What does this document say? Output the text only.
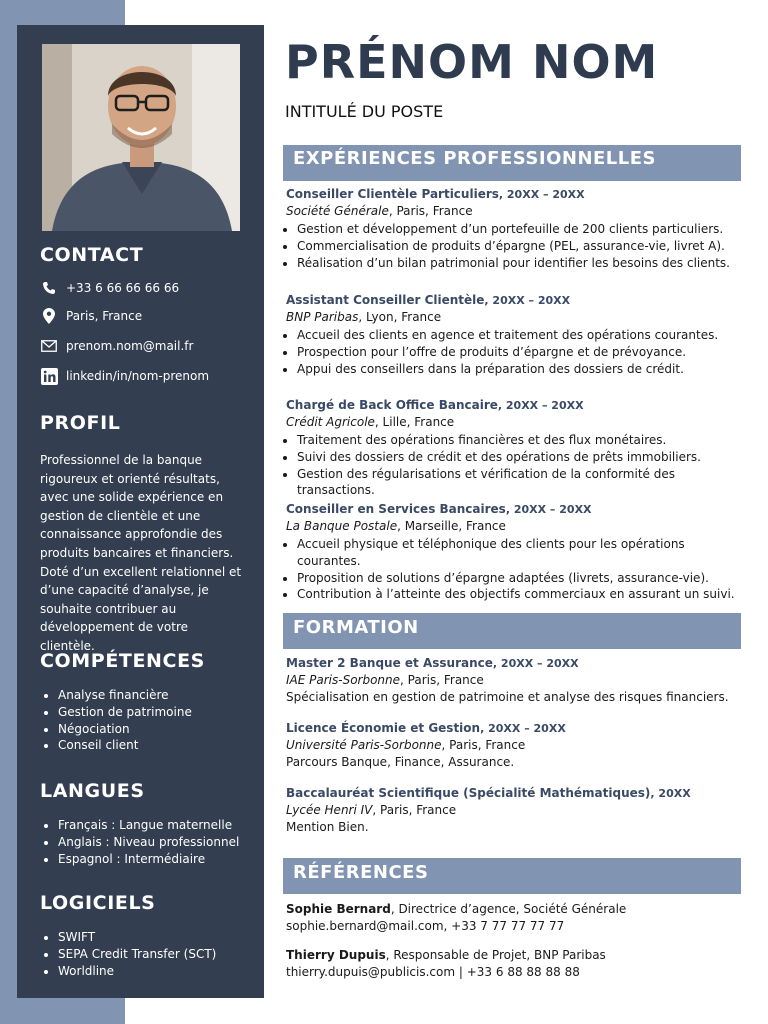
CONTACT
+33 6 66 66 66 66
Paris, France
prenom.nom@mail.fr
linkedin/in/nom-prenom
PROFIL

Professionnel de la banque rigoureux et orienté résultats, avec une solide expérience en gestion de clientèle et une connaissance approfondie des produits bancaires et financiers. Doté d’un excellent relationnel et d’une capacité d’analyse, je souhaite contribuer au développement de votre clientèle.

COMPÉTENCES
• Analyse financière
• Gestion de patrimoine
• Négociation
• Conseil client
LANGUES
• Français : Langue maternelle
• Anglais : Niveau professionnel
• Espagnol : Intermédiaire
LOGICIELS
• SWIFT
• SEPA Credit Transfer (SCT)
• Worldline
PRÉNOM NOM
INTITULÉ DU POSTE
EXPÉRIENCES PROFESSIONNELLES
Conseiller Clientèle Particuliers, 20XX – 20XX
Société Générale, Paris, France
• Gestion et développement d’un portefeuille de 200 clients particuliers.
• Commercialisation de produits d’épargne (PEL, assurance-vie, livret A).
• Réalisation d’un bilan patrimonial pour identifier les besoins des clients.
Assistant Conseiller Clientèle, 20XX – 20XX
BNP Paribas, Lyon, France
• Accueil des clients en agence et traitement des opérations courantes.
• Prospection pour l’offre de produits d’épargne et de prévoyance.
• Appui des conseillers dans la préparation des dossiers de crédit.
Chargé de Back Office Bancaire, 20XX – 20XX
Crédit Agricole, Lille, France
• Traitement des opérations financières et des flux monétaires.
• Suivi des dossiers de crédit et des opérations de prêts immobiliers.
• Gestion des régularisations et vérification de la conformité des transactions.
Conseiller en Services Bancaires, 20XX – 20XX
La Banque Postale, Marseille, France
• Accueil physique et téléphonique des clients pour les opérations courantes.
• Proposition de solutions d’épargne adaptées (livrets, assurance-vie).
• Contribution à l’atteinte des objectifs commerciaux en assurant un suivi.
FORMATION
Master 2 Banque et Assurance, 20XX – 20XX
IAE Paris-Sorbonne, Paris, France

Spécialisation en gestion de patrimoine et analyse des risques financiers.

Licence Économie et Gestion, 20XX – 20XX
Université Paris-Sorbonne, Paris, France

Parcours Banque, Finance, Assurance.

Baccalauréat Scientifique (Spécialité Mathématiques), 20XX
Lycée Henri IV, Paris, France

Mention Bien.

RÉFÉRENCES
Sophie Bernard, Directrice d’agence, Société Générale
sophie.bernard@mail.com, +33 7 77 77 77 77
Thierry Dupuis, Responsable de Projet, BNP Paribas
thierry.dupuis@publicis.com | +33 6 88 88 88 88
